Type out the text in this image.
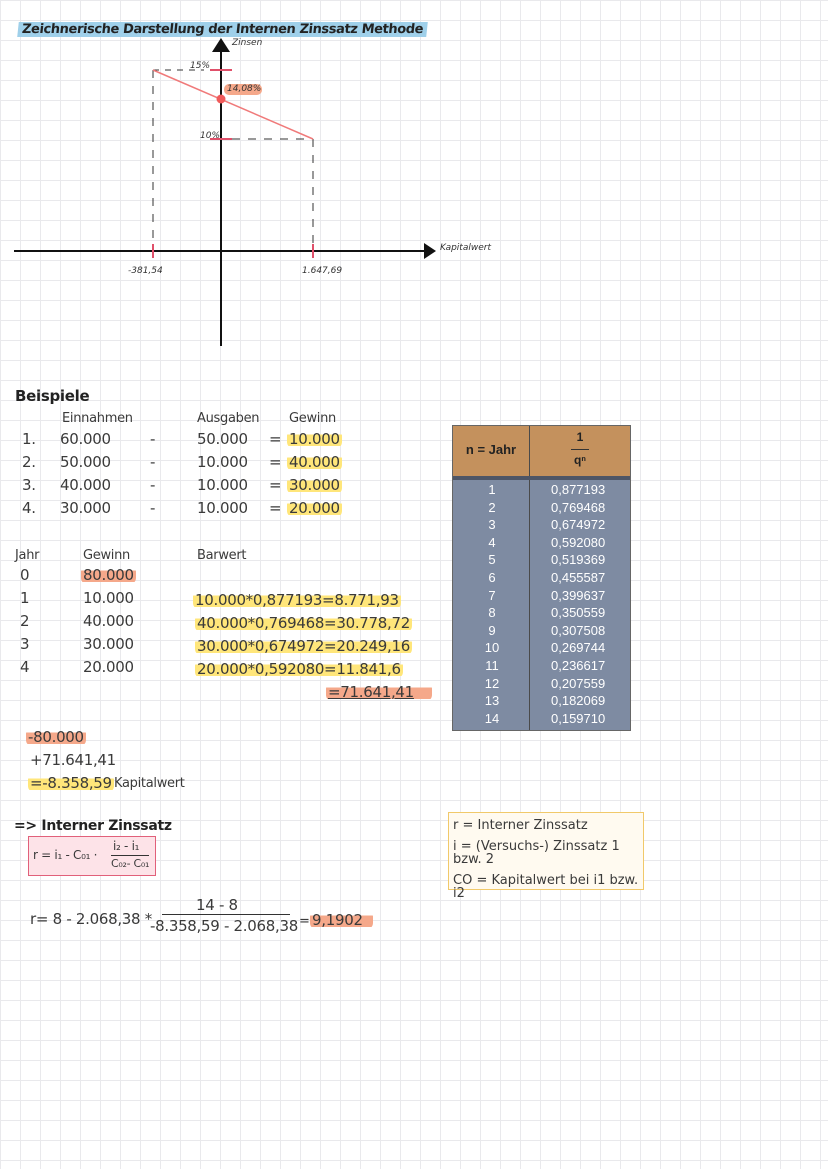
Zeichnerische Darstellung der Internen Zinssatz Methode
Zinsen
Kapitalwert
15%
10%
14,08%
-381,54	1.647,69
Beispiele
Einnahmen	Ausgaben Gewinn
1. 60.000	-	50.000 = 10.000
2. 50.000	-	10.000 = 40.000
3. 40.000	-	10.000 = 30.000
4. 30.000	-	10.000 = 20.000
Jahr	Gewinn	Barwert
0	80.000
1	10.000	10.000*0,877193=8.771,93
2	40.000	40.000*0,769468=30.778,72
3	30.000	30.000*0,674972=20.249,16
4	20.000	20.000*0,592080=11.841,6
=71.641,41
-80.000
+71.641,41
=-8.358,59 Kapitalwert
=> Interner Zinssatz
r = i₁ - C₀₁ ·
i₂ - i₁
C₀₂- C₀₁
r= 8 - 2.068,38 *
14 - 8
-8.358,59 - 2.068,38 = 9,1902
r = Interner Zinssatz
i = (Versuchs-) Zinssatz 1 bzw. 2
CO = Kapitalwert bei i1 bzw. i2
n = Jahr
1
qⁿ
1	0,877193
2	0,769468
3	0,674972
4	0,592080
5	0,519369
6	0,455587
7	0,399637
8	0,350559
9	0,307508
10	0,269744
11	0,236617
12	0,207559
13	0,182069
14	0,159710
